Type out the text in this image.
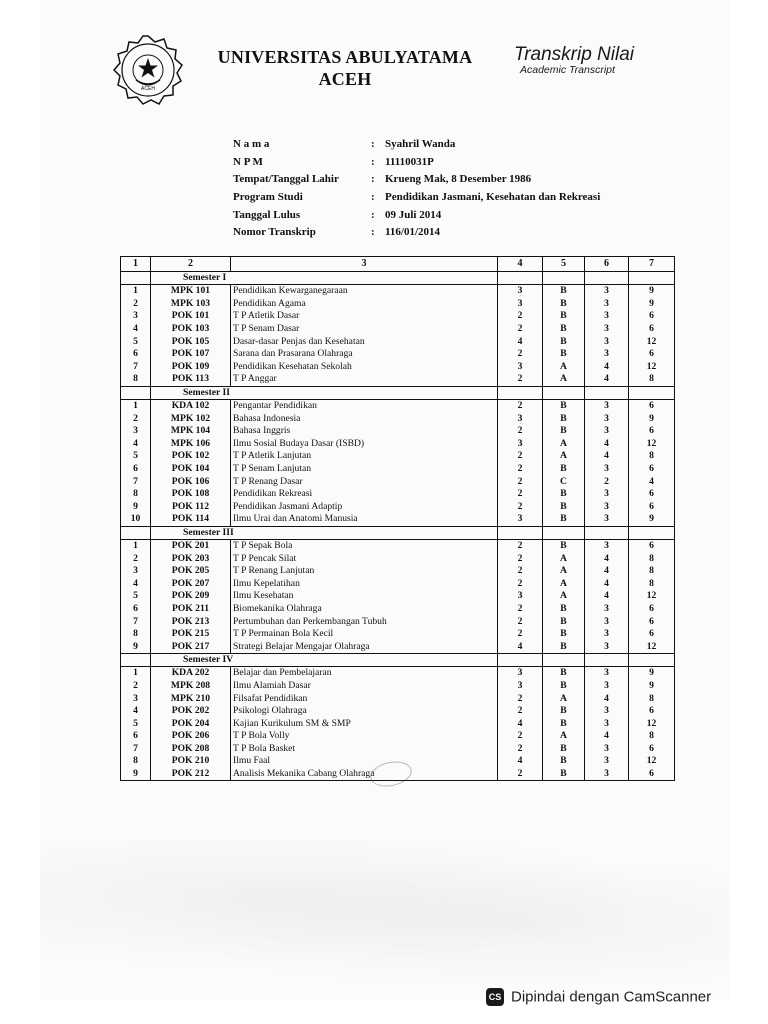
ACEH
UNIVERSITAS ABULYATAMA
ACEH
Transkrip Nilai
Academic Transcript
N a m a	: Syahril Wanda
N P M	: 11110031P
Tempat/Tanggal Lahir	: Krueng Mak, 8 Desember 1986
Program Studi	: Pendidikan Jasmani, Kesehatan dan Rekreasi
Tanggal Lulus	: 09 Juli 2014
Nomor Transkrip	: 116/01/2014
1	2	3	4	5	6	7
	Semester I					
1	MPK 101	Pendidikan Kewarganegaraan	3	B	3	9
2	MPK 103	Pendidikan Agama	3	B	3	9
3	POK 101	T P Atletik Dasar	2	B	3	6
4	POK 103	T P Senam Dasar	2	B	3	6
5	POK 105	Dasar-dasar Penjas dan Kesehatan	4	B	3	12
6	POK 107	Sarana dan Prasarana Olahraga	2	B	3	6
7	POK 109	Pendidikan Kesehatan Sekolah	3	A	4	12
8	POK 113	T P Anggar	2	A	4	8
	Semester II					
1	KDA 102	Pengantar Pendidikan	2	B	3	6
2	MPK 102	Bahasa Indonesia	3	B	3	9
3	MPK 104	Bahasa Inggris	2	B	3	6
4	MPK 106	Ilmu Sosial Budaya Dasar (ISBD)	3	A	4	12
5	POK 102	T P Atletik Lanjutan	2	A	4	8
6	POK 104	T P Senam Lanjutan	2	B	3	6
7	POK 106	T P Renang Dasar	2	C	2	4
8	POK 108	Pendidikan Rekreasi	2	B	3	6
9	POK 112	Pendidikan Jasmani Adaptip	2	B	3	6
10	POK 114	Ilmu Urai dan Anatomi Manusia	3	B	3	9
	Semester III					
1	POK 201	T P Sepak Bola	2	B	3	6
2	POK 203	T P Pencak Silat	2	A	4	8
3	POK 205	T P Renang Lanjutan	2	A	4	8
4	POK 207	Ilmu Kepelatihan	2	A	4	8
5	POK 209	Ilmu Kesehatan	3	A	4	12
6	POK 211	Biomekanika Olahraga	2	B	3	6
7	POK 213	Pertumbuhan dan Perkembangan Tubuh	2	B	3	6
8	POK 215	T P Permainan Bola Kecil	2	B	3	6
9	POK 217	Strategi Belajar Mengajar Olahraga	4	B	3	12
	Semester IV					
1	KDA 202	Belajar dan Pembelajaran	3	B	3	9
2	MPK 208	Ilmu Alamiah Dasar	3	B	3	9
3	MPK 210	Filsafat Pendidikan	2	A	4	8
4	POK 202	Psikologi Olahraga	2	B	3	6
5	POK 204	Kajian Kurikulum SM & SMP	4	B	3	12
6	POK 206	T P Bola Volly	2	A	4	8
7	POK 208	T P Bola Basket	2	B	3	6
8	POK 210	Ilmu Faal	4	B	3	12
9	POK 212	Analisis Mekanika Cabang Olahraga	2	B	3	6
CS Dipindai dengan CamScanner
